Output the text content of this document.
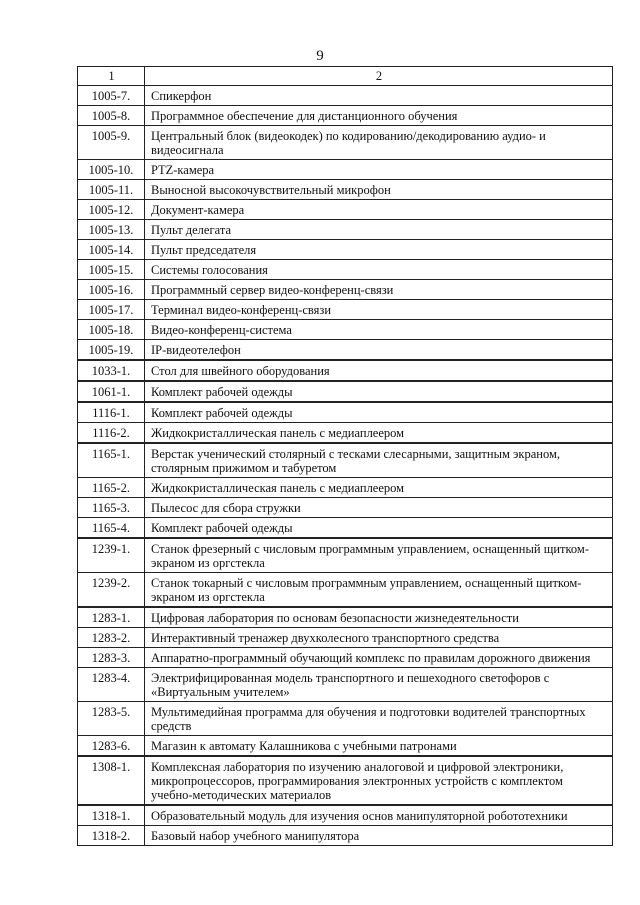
9
1	2
1005-7.	Спикерфон
1005-8.	Программное обеспечение для дистанционного обучения
1005-9.	Центральный блок (видеокодек) по кодированию/декодированию аудио- и видеосигнала
1005-10.	PTZ-камера
1005-11.	Выносной высокочувствительный микрофон
1005-12.	Документ-камера
1005-13.	Пульт делегата
1005-14.	Пульт председателя
1005-15.	Системы голосования
1005-16.	Программный сервер видео-конференц-связи
1005-17.	Терминал видео-конференц-связи
1005-18.	Видео-конференц-система
1005-19.	IP-видеотелефон
1033-1.	Стол для швейного оборудования
1061-1.	Комплект рабочей одежды
1116-1.	Комплект рабочей одежды
1116-2.	Жидкокристаллическая панель с медиаплеером
1165-1.	Верстак ученический столярный с тесками слесарными, защитным экраном, столярным прижимом и табуретом
1165-2.	Жидкокристаллическая панель с медиаплеером
1165-3.	Пылесос для сбора стружки
1165-4.	Комплект рабочей одежды
1239-1.	Станок фрезерный с числовым программным управлением, оснащенный щитком-экраном из оргстекла
1239-2.	Станок токарный с числовым программным управлением, оснащенный щитком-экраном из оргстекла
1283-1.	Цифровая лаборатория по основам безопасности жизнедеятельности
1283-2.	Интерактивный тренажер двухколесного транспортного средства
1283-3.	Аппаратно-программный обучающий комплекс по правилам дорожного движения
1283-4.	Электрифицированная модель транспортного и пешеходного светофоров с «Виртуальным учителем»
1283-5.	Мультимедийная программа для обучения и подготовки водителей транспортных средств
1283-6.	Магазин к автомату Калашникова с учебными патронами
1308-1.	Комплексная лаборатория по изучению аналоговой и цифровой электроники, микропроцессоров, программирования электронных устройств с комплектом учебно-методических материалов
1318-1.	Образовательный модуль для изучения основ манипуляторной робототехники
1318-2.	Базовый набор учебного манипулятора
